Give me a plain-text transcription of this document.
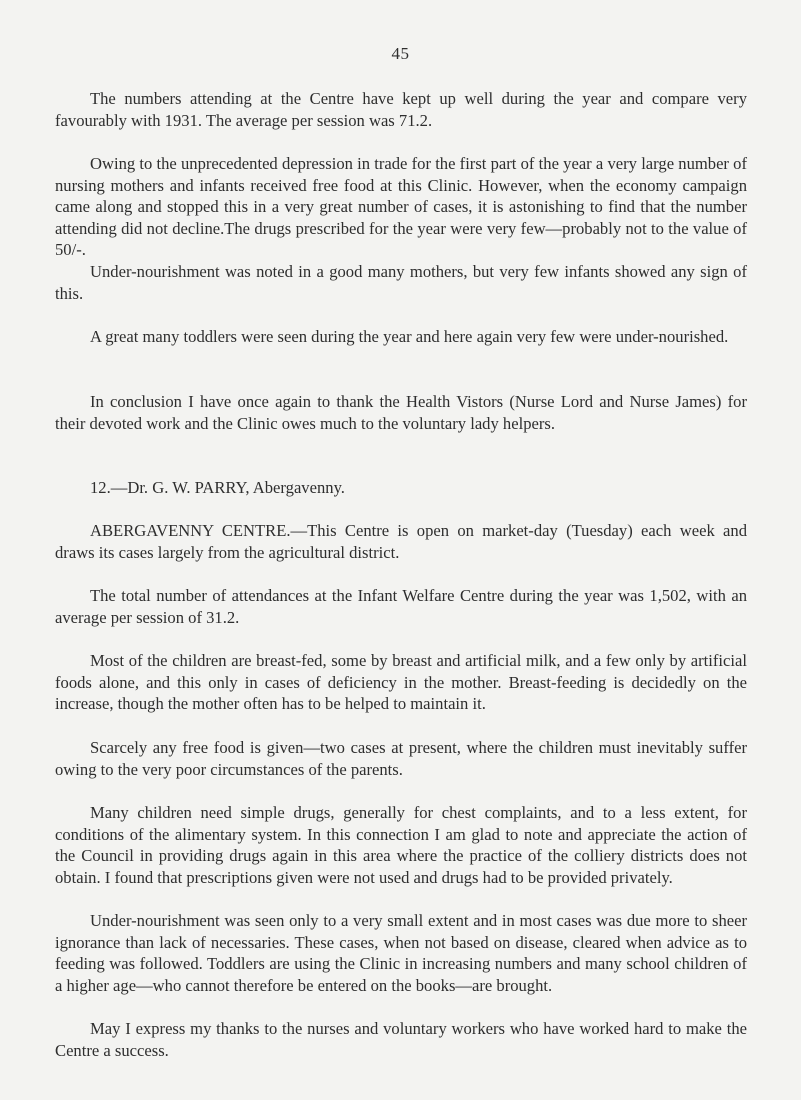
45

The numbers attending at the Centre have kept up well during the year and compare very favourably with 1931. The average per session was 71.2.

Owing to the unprecedented depression in trade for the first part of the year a very large number of nursing mothers and infants received free food at this Clinic. However, when the economy campaign came along and stopped this in a very great number of cases, it is astonishing to find that the number attending did not decline.The drugs prescribed for the year were very few—probably not to the value of 50/-.

Under-nourishment was noted in a good many mothers, but very few infants showed any sign of this.

A great many toddlers were seen during the year and here again very few were under-nourished.

In conclusion I have once again to thank the Health Vistors (Nurse Lord and Nurse James) for their devoted work and the Clinic owes much to the voluntary lady helpers.

12.—Dr. G. W. PARRY, Abergavenny.

ABERGAVENNY CENTRE.—This Centre is open on market-day (Tuesday) each week and draws its cases largely from the agricultural district.

The total number of attendances at the Infant Welfare Centre during the year was 1,502, with an average per session of 31.2.

Most of the children are breast-fed, some by breast and artificial milk, and a few only by artificial foods alone, and this only in cases of deficiency in the mother. Breast-feeding is decidedly on the increase, though the mother often has to be helped to maintain it.

Scarcely any free food is given—two cases at present, where the children must inevitably suffer owing to the very poor circumstances of the parents.

Many children need simple drugs, generally for chest complaints, and to a less extent, for conditions of the alimentary system. In this connection I am glad to note and appreciate the action of the Council in providing drugs again in this area where the practice of the colliery districts does not obtain. I found that prescriptions given were not used and drugs had to be provided privately.

Under-nourishment was seen only to a very small extent and in most cases was due more to sheer ignorance than lack of necessaries. These cases, when not based on disease, cleared when advice as to feeding was followed. Toddlers are using the Clinic in increasing numbers and many school children of a higher age—who cannot therefore be entered on the books—are brought.

May I express my thanks to the nurses and voluntary workers who have worked hard to make the Centre a success.
